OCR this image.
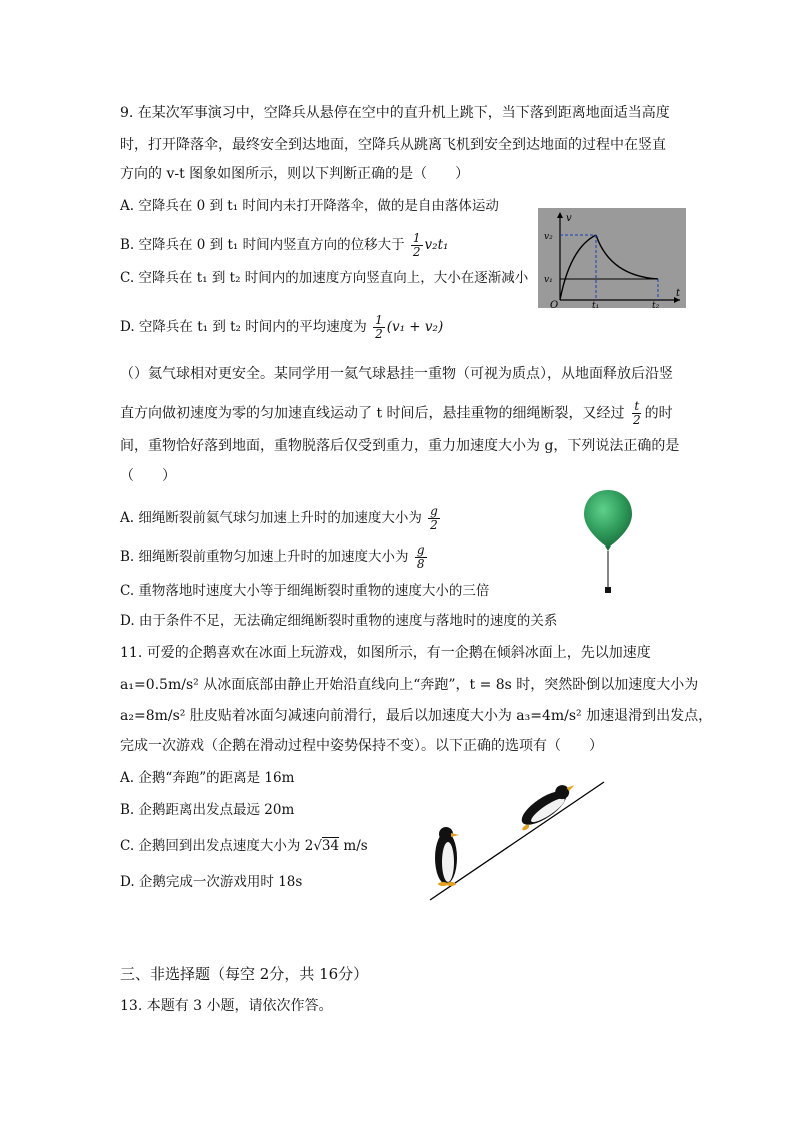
9. 在某次军事演习中，空降兵从悬停在空中的直升机上跳下，当下落到距离地面适当高度
时，打开降落伞，最终安全到达地面，空降兵从跳离飞机到安全到达地面的过程中在竖直
方向的 v-t 图象如图所示，则以下判断正确的是（　　）
A. 空降兵在 0 到 t₁ 时间内未打开降落伞，做的是自由落体运动
B. 空降兵在 0 到 t₁ 时间内竖直方向的位移大于 $\frac{1}{2} v_2t_1$
C. 空降兵在 t₁ 到 t₂ 时间内的加速度方向竖直向上，大小在逐渐减小
D. 空降兵在 t₁ 到 t₂ 时间内的平均速度为 $\frac{1}{2} (v_1 + v_2)$
v
t
O
v₂
v₁
t₁	t₂
（）氦气球相对更安全。某同学用一氦气球悬挂一重物（可视为质点），从地面释放后沿竖
直方向做初速度为零的匀加速直线运动了 t 时间后，悬挂重物的细绳断裂，又经过 $\frac{t}{2}$ 的时
间，重物恰好落到地面，重物脱落后仅受到重力，重力加速度大小为 g，下列说法正确的是
（　　）
A. 细绳断裂前氦气球匀加速上升时的加速度大小为 $\frac{g}{2}$
B. 细绳断裂前重物匀加速上升时的加速度大小为 $\frac{g}{8}$
C. 重物落地时速度大小等于细绳断裂时重物的速度大小的三倍
D. 由于条件不足，无法确定细绳断裂时重物的速度与落地时的速度的关系
11. 可爱的企鹅喜欢在冰面上玩游戏，如图所示，有一企鹅在倾斜冰面上，先以加速度
a₁=0.5m/s² 从冰面底部由静止开始沿直线向上“奔跑”，t = 8s 时，突然卧倒以加速度大小为
a₂=8m/s² 肚皮贴着冰面匀减速向前滑行，最后以加速度大小为 a₃=4m/s² 加速退滑到出发点，
完成一次游戏（企鹅在滑动过程中姿势保持不变）。以下正确的选项有（　　）
A. 企鹅“奔跑”的距离是 16m
B. 企鹅距离出发点最远 20m
C. 企鹅回到出发点速度大小为 2√34 m/s
D. 企鹅完成一次游戏用时 18s
三、非选择题（每空 2分，共 16分）
13. 本题有 3 小题，请依次作答。
